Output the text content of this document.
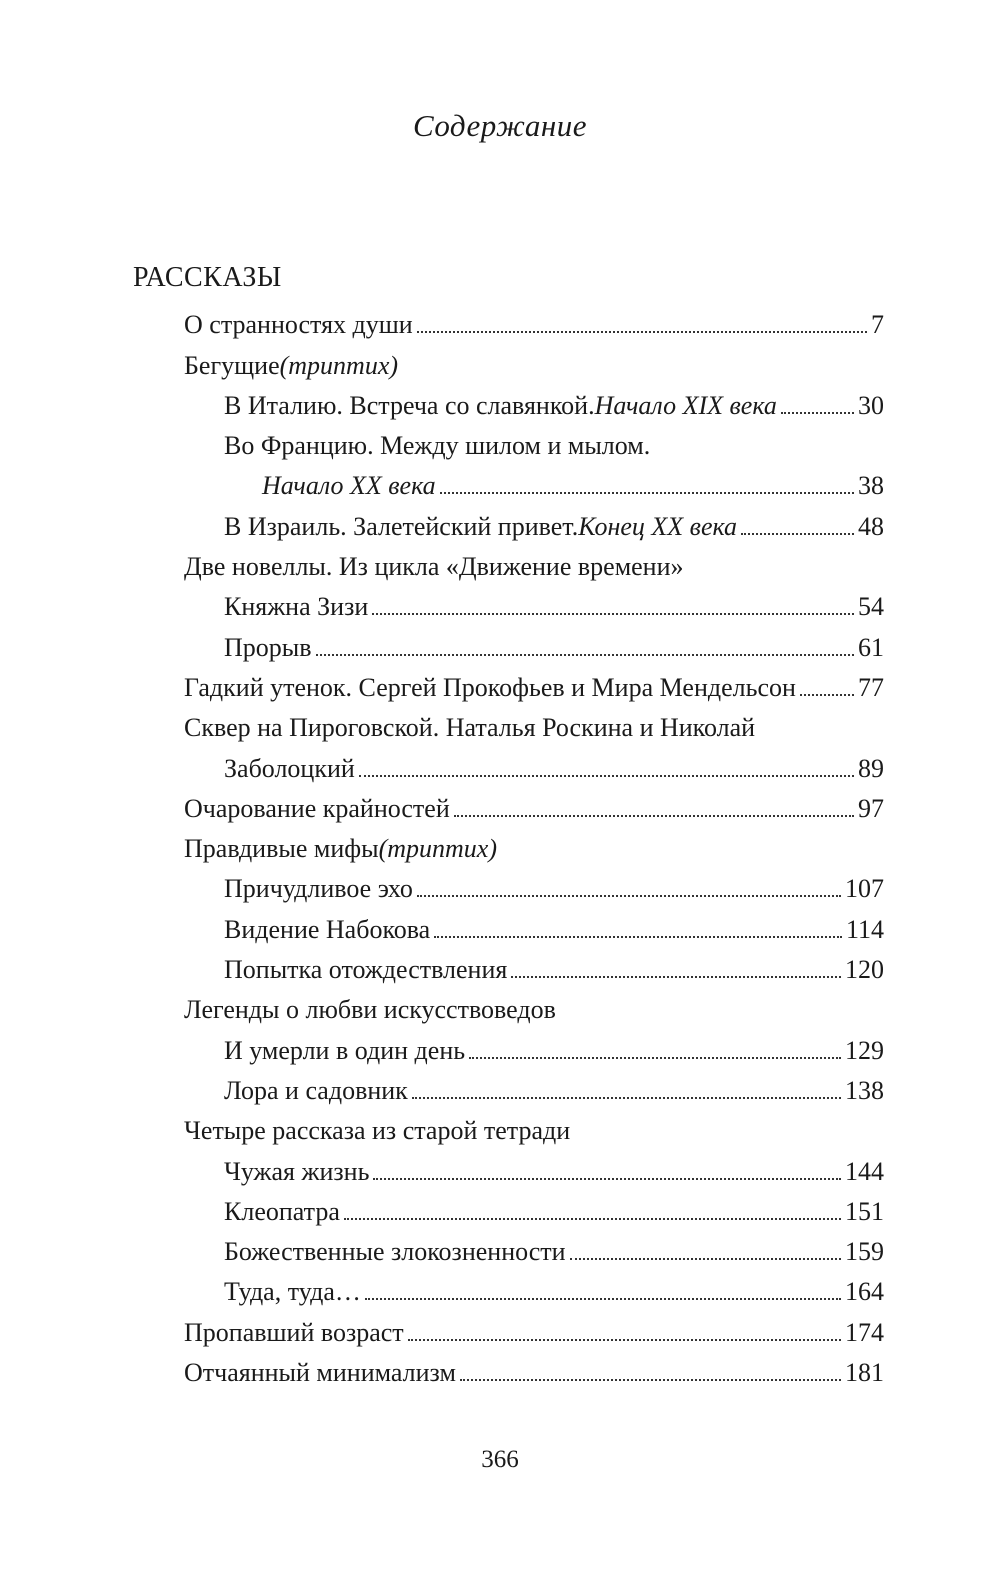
Содержание
РАССКАЗЫ
О странностях души	7
Бегущие (триптих)
В Италию. Встреча со славянкой. Начало XIX века	30
Во Францию. Между шилом и мылом.
Начало XX века	38
В Израиль. Залетейский привет. Конец XX века	48
Две новеллы. Из цикла «Движение времени»
Княжна Зизи	54
Прорыв	61
Гадкий утенок. Сергей Прокофьев и Мира Мендельсон 77
Сквер на Пироговской. Наталья Роскина и Николай
Заболоцкий	89
Очарование крайностей	97
Правдивые мифы (триптих)
Причудливое эхо	107
Видение Набокова	114
Попытка отождествления	120
Легенды о любви искусствоведов
И умерли в один день	129
Лора и садовник	138
Четыре рассказа из старой тетради
Чужая жизнь	144
Клеопатра	151
Божественные злокозненности	159
Туда, туда…	164
Пропавший возраст	174
Отчаянный минимализм	181
366
